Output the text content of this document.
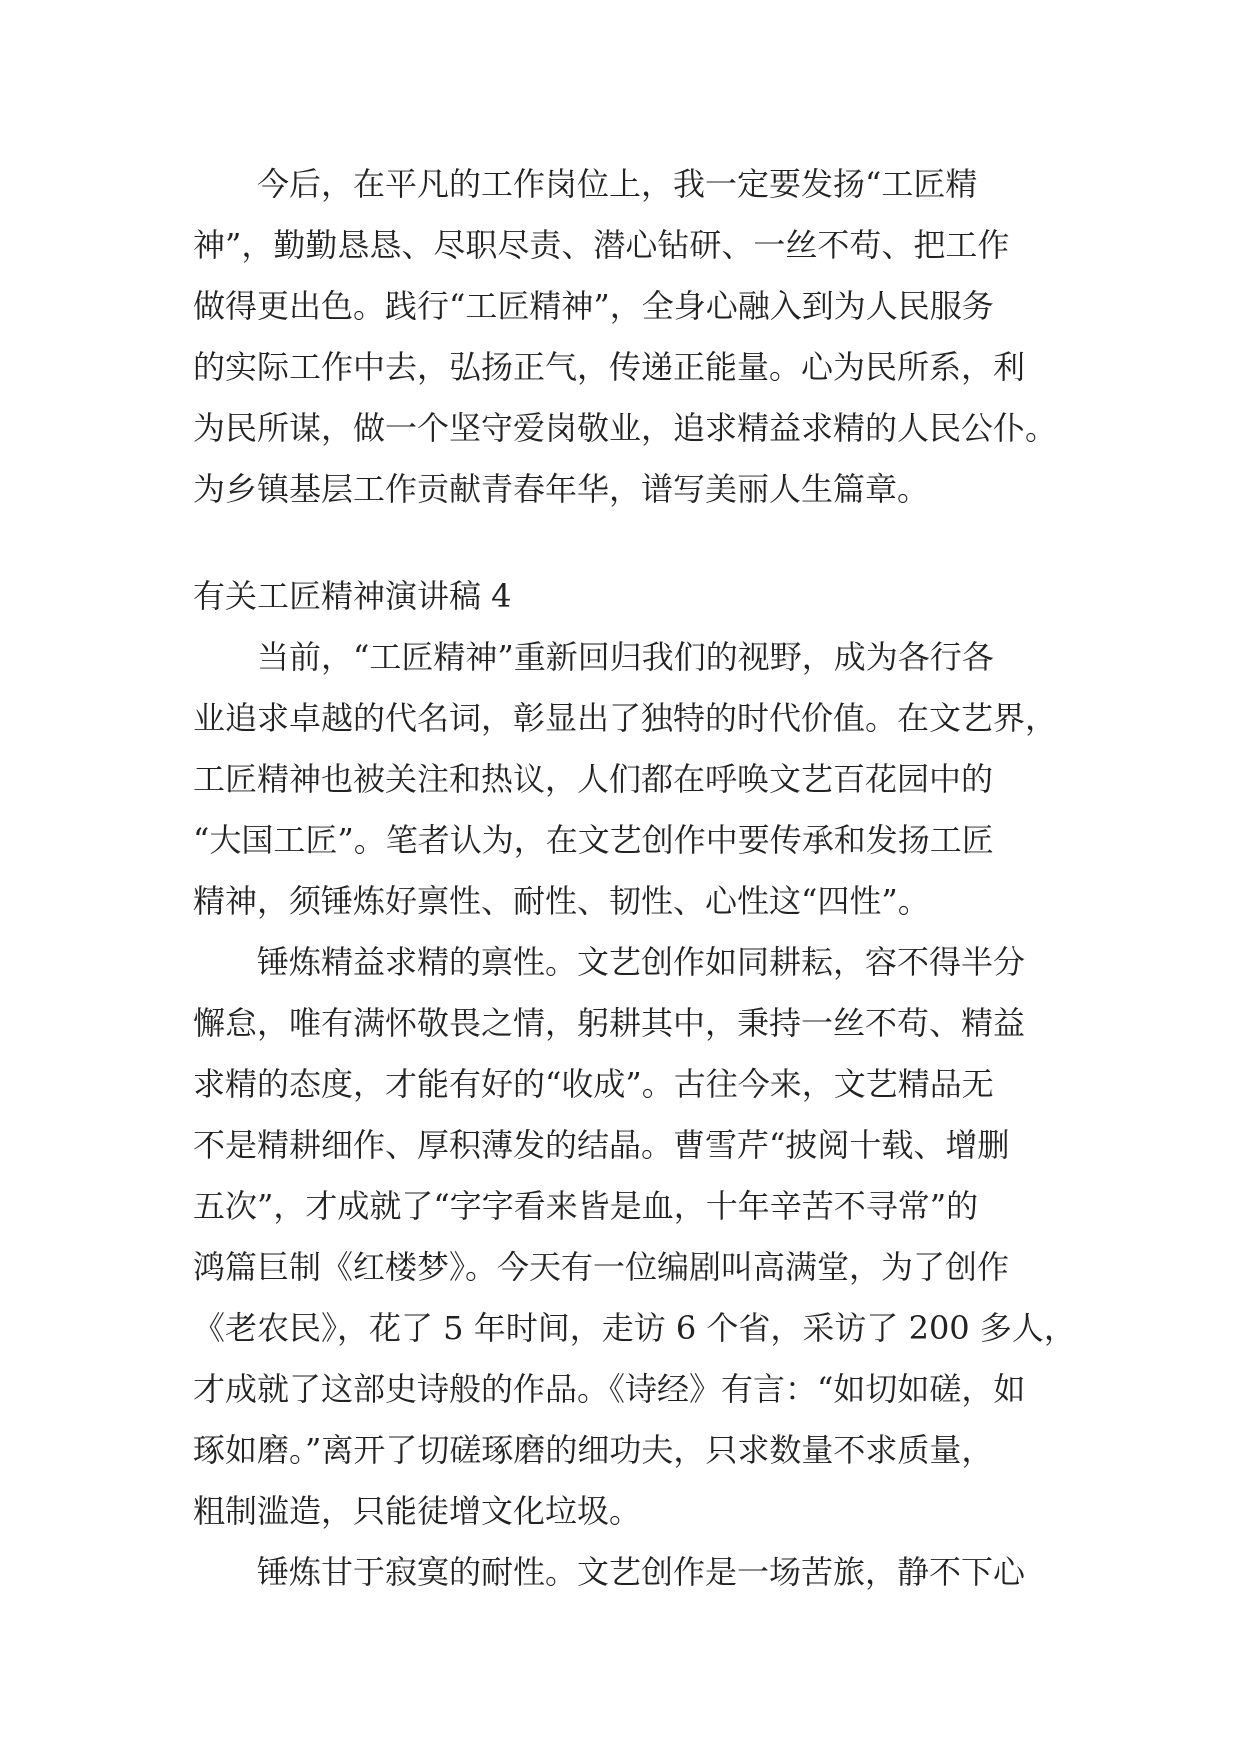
今后，在平凡的工作岗位上，我一定要发扬“工匠精
神”，勤勤恳恳、尽职尽责、潜心钻研、一丝不苟、把工作
做得更出色。践行“工匠精神”，全身心融入到为人民服务
的实际工作中去，弘扬正气，传递正能量。心为民所系，利
为民所谋，做一个坚守爱岗敬业，追求精益求精的人民公仆。
为乡镇基层工作贡献青春年华，谱写美丽人生篇章。
有关工匠精神演讲稿 4
当前，“工匠精神”重新回归我们的视野，成为各行各
业追求卓越的代名词，彰显出了独特的时代价值。在文艺界，
工匠精神也被关注和热议，人们都在呼唤文艺百花园中的
“大国工匠”。笔者认为，在文艺创作中要传承和发扬工匠
精神，须锤炼好禀性、耐性、韧性、心性这“四性”。
锤炼精益求精的禀性。文艺创作如同耕耘，容不得半分
懈怠，唯有满怀敬畏之情，躬耕其中，秉持一丝不苟、精益
求精的态度，才能有好的“收成”。古往今来，文艺精品无
不是精耕细作、厚积薄发的结晶。曹雪芹“披阅十载、增删
五次”，才成就了“字字看来皆是血，十年辛苦不寻常”的
鸿篇巨制《红楼梦》。今天有一位编剧叫高满堂，为了创作
《老农民》，花了 5 年时间，走访 6 个省，采访了 200 多人，
才成就了这部史诗般的作品。《诗经》有言：“如切如磋，如
琢如磨。”离开了切磋琢磨的细功夫，只求数量不求质量，
粗制滥造，只能徒增文化垃圾。
锤炼甘于寂寞的耐性。文艺创作是一场苦旅，静不下心
